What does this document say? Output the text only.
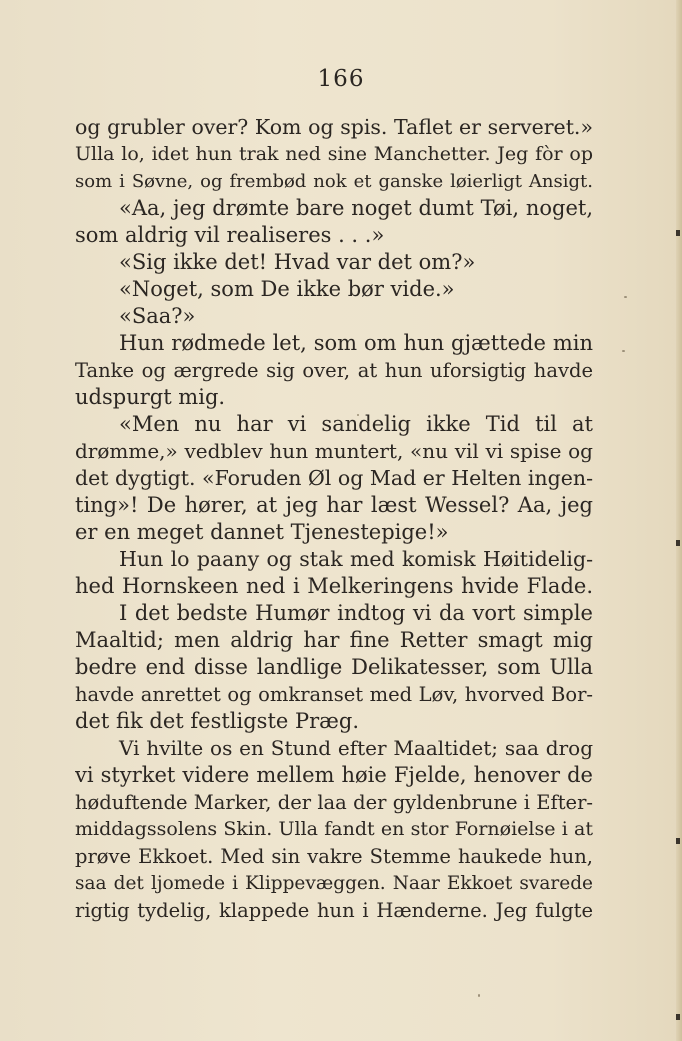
166
og grubler over? Kom og spis. Taflet er serveret.»
Ulla lo, idet hun trak ned sine Manchetter. Jeg fòr op
som i Søvne, og frembød nok et ganske løierligt Ansigt.
«Aa, jeg drømte bare noget dumt Tøi, noget,
som aldrig vil realiseres . . .»
«Sig ikke det! Hvad var det om?»
«Noget, som De ikke bør vide.»
«Saa?»
Hun rødmede let, som om hun gjættede min
Tanke og ærgrede sig over, at hun uforsigtig havde
udspurgt mig.
«Men nu har vi sandelig ikke Tid til at
drømme,» vedblev hun muntert, «nu vil vi spise og
det dygtigt. «Foruden Øl og Mad er Helten ingen-
ting»! De hører, at jeg har læst Wessel? Aa, jeg
er en meget dannet Tjenestepige!»
Hun lo paany og stak med komisk Høitidelig-
hed Hornskeen ned i Melkeringens hvide Flade.
I det bedste Humør indtog vi da vort simple
Maaltid; men aldrig har fine Retter smagt mig
bedre end disse landlige Delikatesser, som Ulla
havde anrettet og omkranset med Løv, hvorved Bor-
det fik det festligste Præg.
Vi hvilte os en Stund efter Maaltidet; saa drog
vi styrket videre mellem høie Fjelde, henover de
høduftende Marker, der laa der gyldenbrune i Efter-
middagssolens Skin. Ulla fandt en stor Fornøielse i at
prøve Ekkoet. Med sin vakre Stemme haukede hun,
saa det ljomede i Klippevæggen. Naar Ekkoet svarede
rigtig tydelig, klappede hun i Hænderne. Jeg fulgte
